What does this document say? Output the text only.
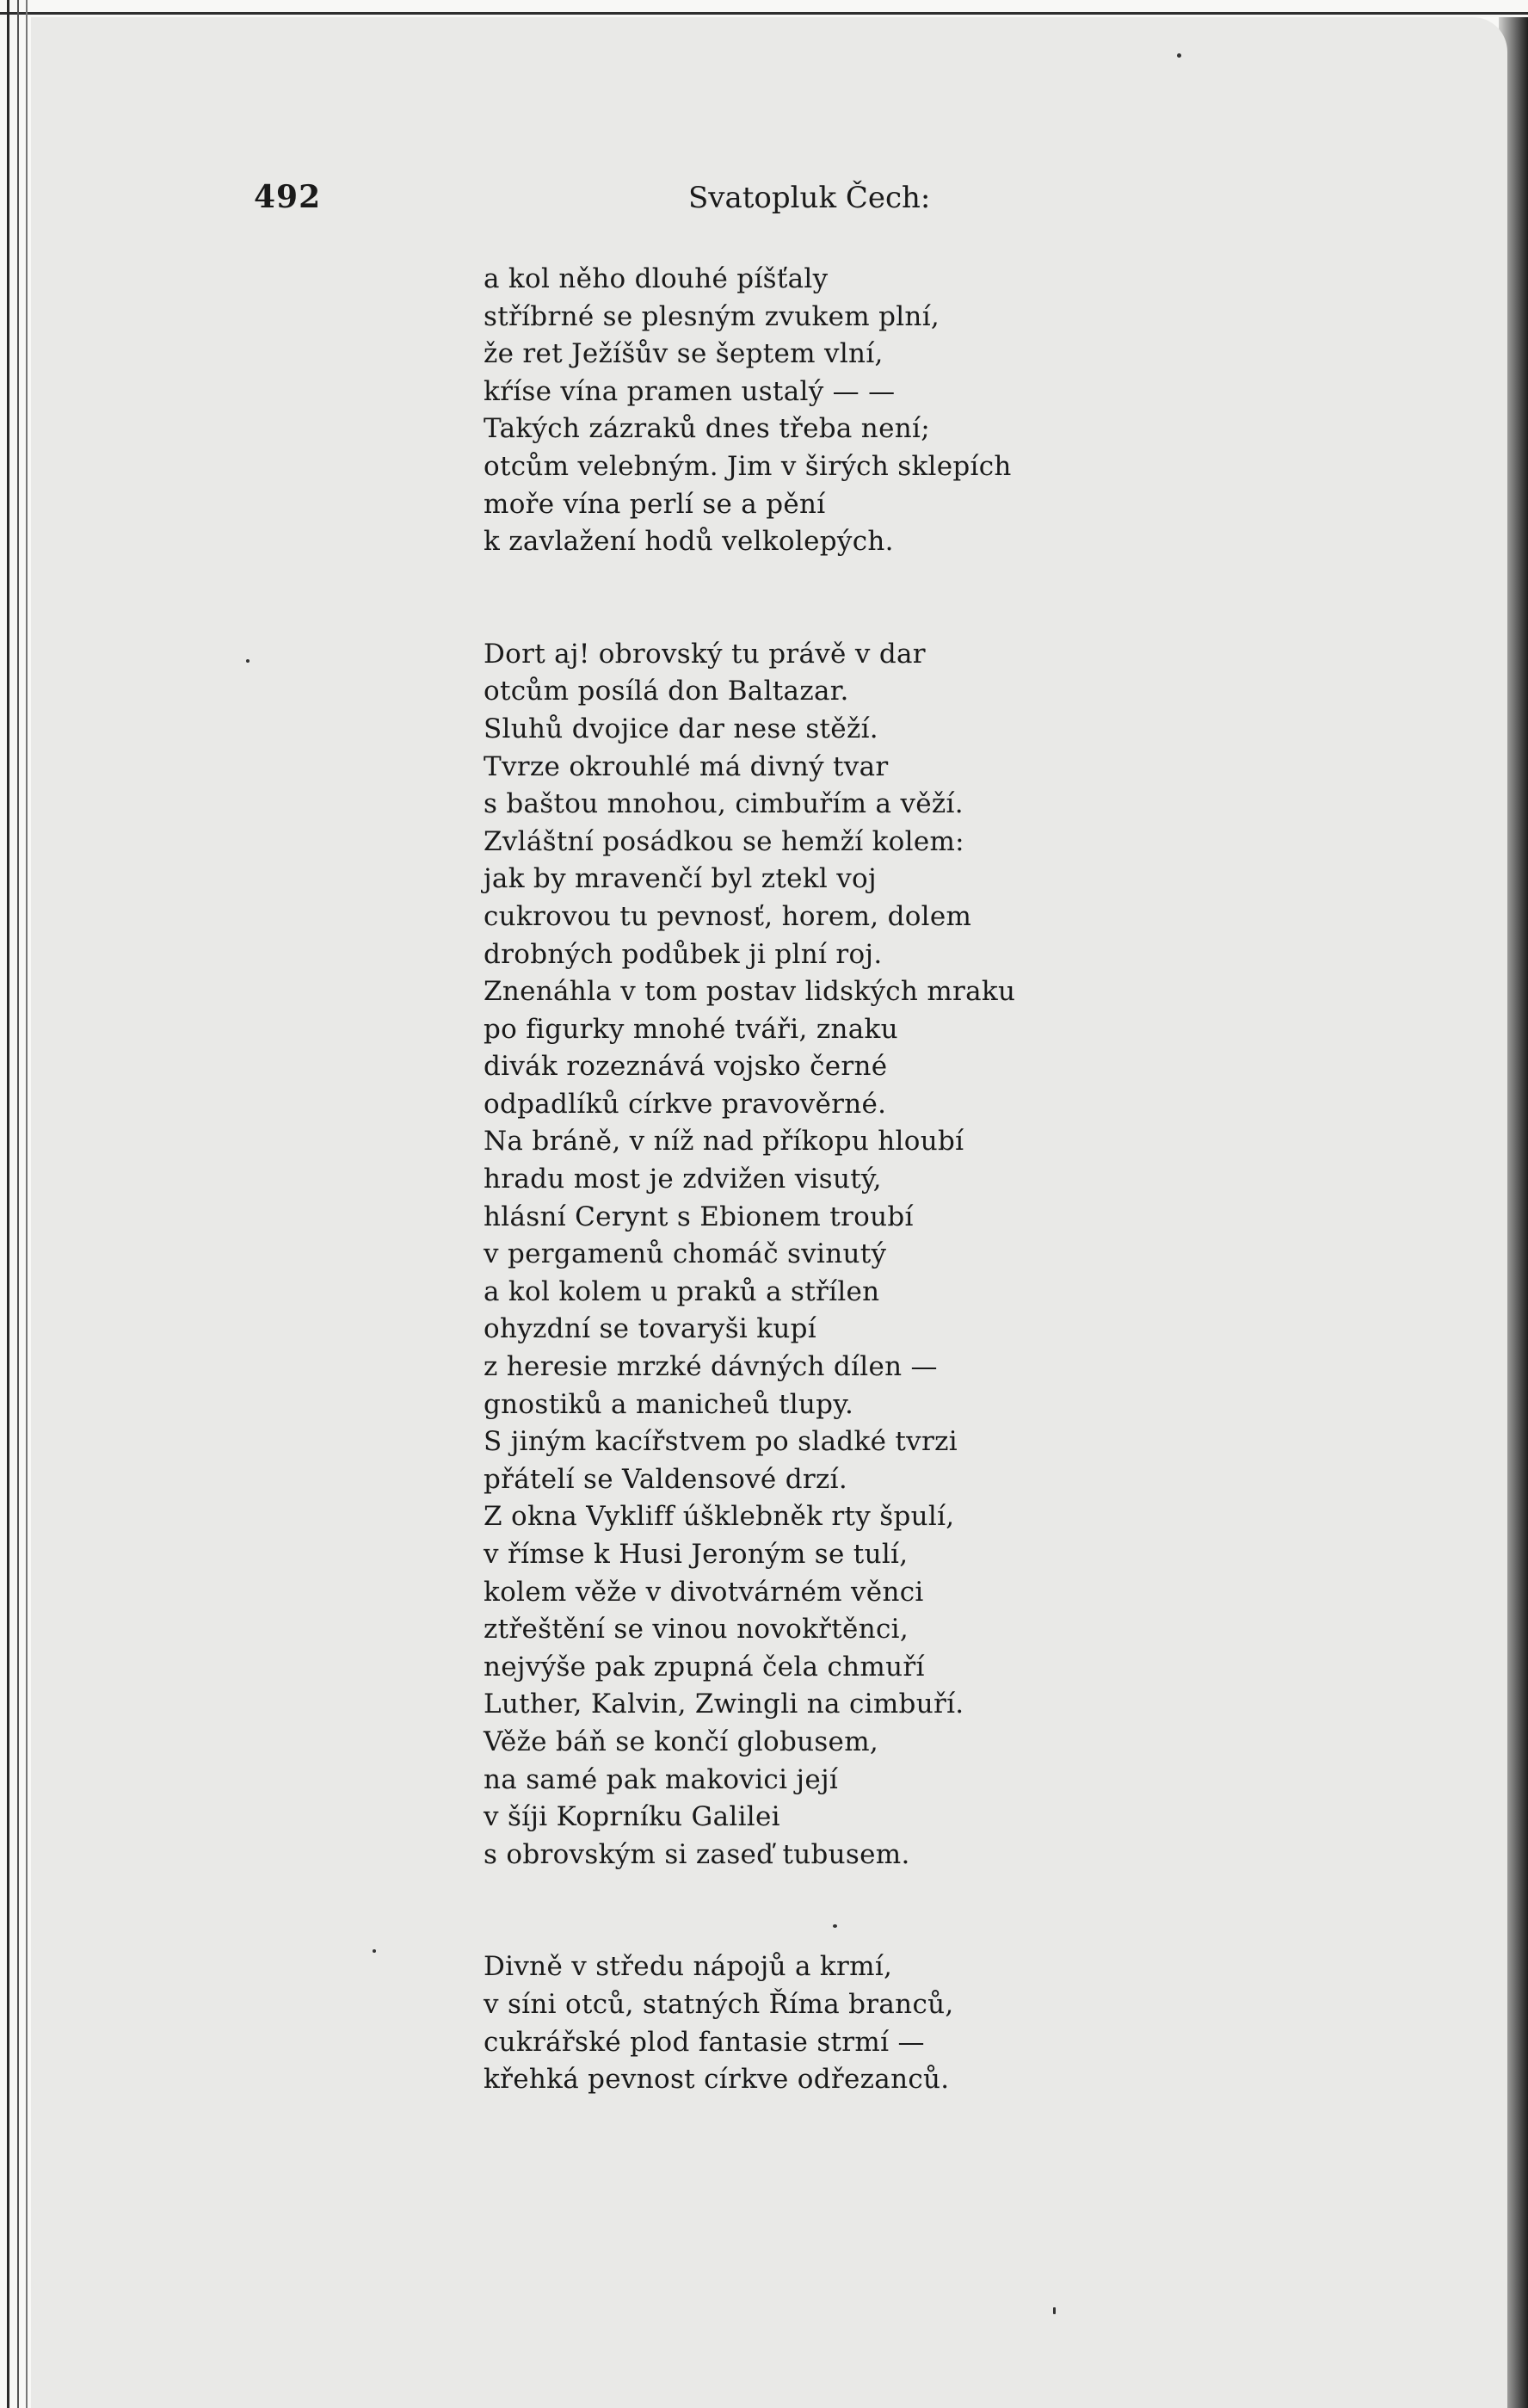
492	Svatopluk Čech:
a kol něho dlouhé píšťaly
stříbrné se plesným zvukem plní,
že ret Ježíšův se šeptem vlní,
kŕíse vína pramen ustalý — —
Takých zázraků dnes třeba není;
otcům velebným. Jim v širých sklepích
moře vína perlí se a pění
k zavlažení hodů velkolepých.
Dort aj! obrovský tu právě v dar
otcům posílá don Baltazar.
Sluhů dvojice dar nese stěží.
Tvrze okrouhlé má divný tvar
s baštou mnohou, cimbuřím a věží.
Zvláštní posádkou se hemží kolem:
jak by mravenčí byl ztekl voj
cukrovou tu pevnosť, horem, dolem
drobných podůbek ji plní roj.
Znenáhla v tom postav lidských mraku
po figurky mnohé tváři, znaku
divák rozeznává vojsko černé
odpadlíků církve pravověrné.
Na bráně, v níž nad příkopu hloubí
hradu most je zdvižen visutý,
hlásní Cerynt s Ebionem troubí
v pergamenů chomáč svinutý
a kol kolem u praků a střílen
ohyzdní se tovaryši kupí
z heresie mrzké dávných dílen —
gnostiků a manicheů tlupy.
S jiným kacířstvem po sladké tvrzi
přátelí se Valdensové drzí.
Z okna Vykliff úšklebněk rty špulí,
v římse k Husi Jeroným se tulí,
kolem věže v divotvárném věnci
ztřeštění se vinou novokřtěnci,
nejvýše pak zpupná čela chmuří
Luther, Kalvin, Zwingli na cimbuří.
Věže báň se končí globusem,
na samé pak makovici její
v šíji Koprníku Galilei
s obrovským si zaseď tubusem.
Divně v středu nápojů a krmí,
v síni otců, statných Říma branců,
cukrářské plod fantasie strmí —
křehká pevnost církve odřezanců.
